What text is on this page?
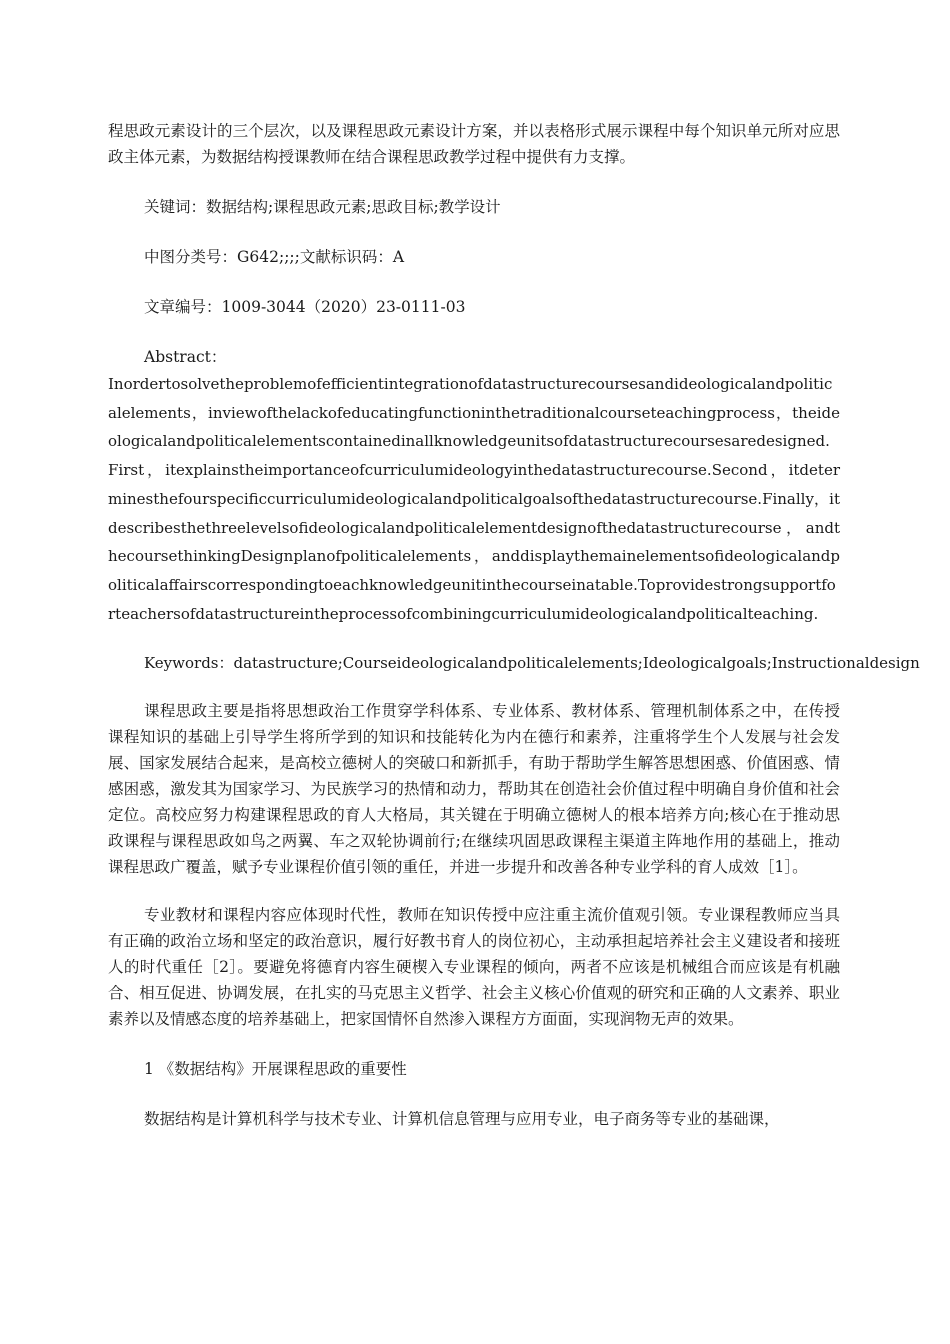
程思政元素设计的三个层次，以及课程思政元素设计方案，并以表格形式展示课程中每个知识单元所对应思政主体元素，为数据结构授课教师在结合课程思政教学过程中提供有力支撑。

关键词：数据结构;课程思政元素;思政目标;教学设计

中图分类号：G642;;;;文献标识码：A

文章编号：1009-3044（2020）23-0111-03

Abstract：

Inordertosolvetheproblemofefficientintegrationofdatastructurecoursesandideologicalandpoliticalelements，inviewofthelackofeducatingfunctioninthetraditionalcourseteachingprocess，theideologicalandpoliticalelementscontainedinallknowledgeunitsofdatastructurecoursesaredesigned.First，itexplainstheimportanceofcurriculumideologyinthedatastructurecourse.Second，itdeterminesthefourspecificcurriculumideologicalandpoliticalgoalsofthedatastructurecourse.Finally，itdescribesthethreelevelsofideologicalandpoliticalelementdesignofthedatastructurecourse，andthecoursethinkingDesignplanofpoliticalelements，anddisplaythemainelementsofideologicalandpoliticalaffairscorrespondingtoeachknowledgeunitinthecourseinatable.Toprovidestrongsupportforteachersofdatastructureintheprocessofcombiningcurriculumideologicalandpoliticalteaching.

Keywords：datastructure;Courseideologicalandpoliticalelements;Ideologicalgoals;Instructionaldesign

课程思政主要是指将思想政治工作贯穿学科体系、专业体系、教材体系、管理机制体系之中，在传授课程知识的基础上引导学生将所学到的知识和技能转化为内在德行和素养，注重将学生个人发展与社会发展、国家发展结合起来，是高校立德树人的突破口和新抓手，有助于帮助学生解答思想困惑、价值困惑、情感困惑，激发其为国家学习、为民族学习的热情和动力，帮助其在创造社会价值过程中明确自身价值和社会定位。高校应努力构建课程思政的育人大格局，其关键在于明确立德树人的根本培养方向;核心在于推动思政课程与课程思政如鸟之两翼、车之双轮协调前行;在继续巩固思政课程主渠道主阵地作用的基础上，推动课程思政广覆盖，赋予专业课程价值引领的重任，并进一步提升和改善各种专业学科的育人成效［1］。

专业教材和课程内容应体现时代性，教师在知识传授中应注重主流价值观引领。专业课程教师应当具有正确的政治立场和坚定的政治意识，履行好教书育人的岗位初心，主动承担起培养社会主义建设者和接班人的时代重任［2］。要避免将德育内容生硬楔入专业课程的倾向，两者不应该是机械组合而应该是有机融合、相互促进、协调发展，在扎实的马克思主义哲学、社会主义核心价值观的研究和正确的人文素养、职业素养以及情感态度的培养基础上，把家国情怀自然渗入课程方方面面，实现润物无声的效果。

1 《数据结构》开展课程思政的重要性

数据结构是计算机科学与技术专业、计算机信息管理与应用专业，电子商务等专业的基础课，
